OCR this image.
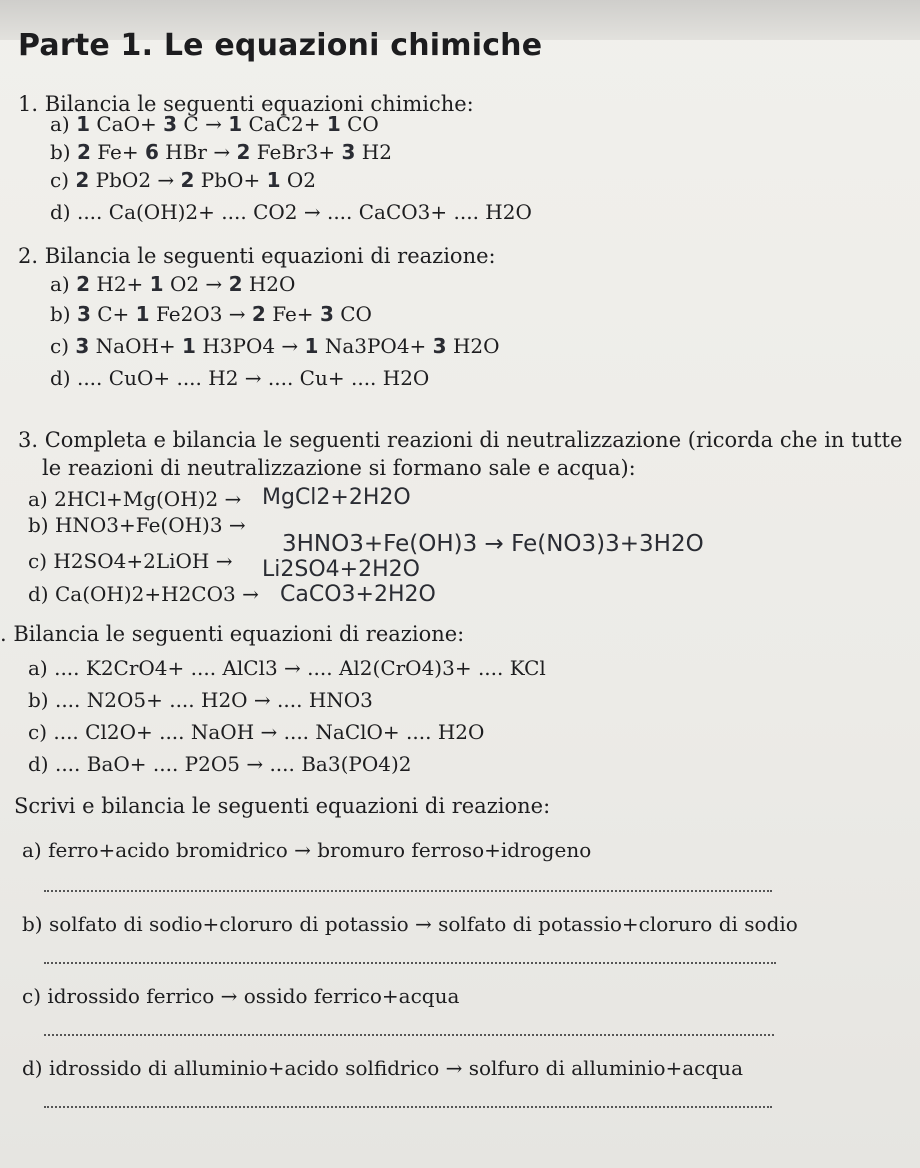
Parte 1. Le equazioni chimiche
1. Bilancia le seguenti equazioni chimiche:
a) 1 CaO+ 3 C → 1 CaC2+ 1 CO
b) 2 Fe+ 6 HBr → 2 FeBr3+ 3 H2
c) 2 PbO2 → 2 PbO+ 1 O2
d) .... Ca(OH)2+ .... CO2 → .... CaCO3+ .... H2O
2. Bilancia le seguenti equazioni di reazione:
a) 2 H2+ 1 O2 → 2 H2O
b) 3 C+ 1 Fe2O3 → 2 Fe+ 3 CO
c) 3 NaOH+ 1 H3PO4 → 1 Na3PO4+ 3 H2O
d) .... CuO+ .... H2 → .... Cu+ .... H2O
3. Completa e bilancia le seguenti reazioni di neutralizzazione (ricorda che in tutte
le reazioni di neutralizzazione si formano sale e acqua):
a) 2HCl+Mg(OH)2 → MgCl2+2H2O
b) HNO3+Fe(OH)3 →
3HNO3+Fe(OH)3 → Fe(NO3)3+3H2O
c) H2SO4+2LiOH → Li2SO4+2H2O
d) Ca(OH)2+H2CO3 → CaCO3+2H2O
. Bilancia le seguenti equazioni di reazione:
a) .... K2CrO4+ .... AlCl3 → .... Al2(CrO4)3+ .... KCl
b) .... N2O5+ .... H2O → .... HNO3
c) .... Cl2O+ .... NaOH → .... NaClO+ .... H2O
d) .... BaO+ .... P2O5 → .... Ba3(PO4)2
Scrivi e bilancia le seguenti equazioni di reazione:
a) ferro+acido bromidrico → bromuro ferroso+idrogeno
b) solfato di sodio+cloruro di potassio → solfato di potassio+cloruro di sodio
c) idrossido ferrico → ossido ferrico+acqua
d) idrossido di alluminio+acido solfidrico → solfuro di alluminio+acqua
